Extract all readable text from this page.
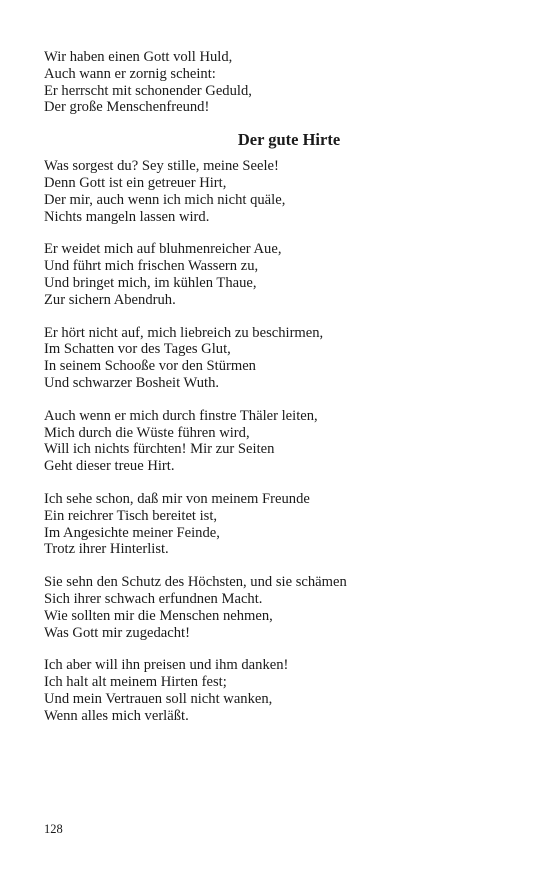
Wir haben einen Gott voll Huld,
Auch wann er zornig scheint:
Er herrscht mit schonender Geduld,
Der große Menschenfreund!
Der gute Hirte
Was sorgest du? Sey stille, meine Seele!
Denn Gott ist ein getreuer Hirt,
Der mir, auch wenn ich mich nicht quäle,
Nichts mangeln lassen wird.
Er weidet mich auf bluhmenreicher Aue,
Und führt mich frischen Wassern zu,
Und bringet mich, im kühlen Thaue,
Zur sichern Abendruh.
Er hört nicht auf, mich liebreich zu beschirmen,
Im Schatten vor des Tages Glut,
In seinem Schooße vor den Stürmen
Und schwarzer Bosheit Wuth.
Auch wenn er mich durch finstre Thäler leiten,
Mich durch die Wüste führen wird,
Will ich nichts fürchten! Mir zur Seiten
Geht dieser treue Hirt.
Ich sehe schon, daß mir von meinem Freunde
Ein reichrer Tisch bereitet ist,
Im Angesichte meiner Feinde,
Trotz ihrer Hinterlist.
Sie sehn den Schutz des Höchsten, und sie schämen
Sich ihrer schwach erfundnen Macht.
Wie sollten mir die Menschen nehmen,
Was Gott mir zugedacht!
Ich aber will ihn preisen und ihm danken!
Ich halt alt meinem Hirten fest;
Und mein Vertrauen soll nicht wanken,
Wenn alles mich verläßt.
128
